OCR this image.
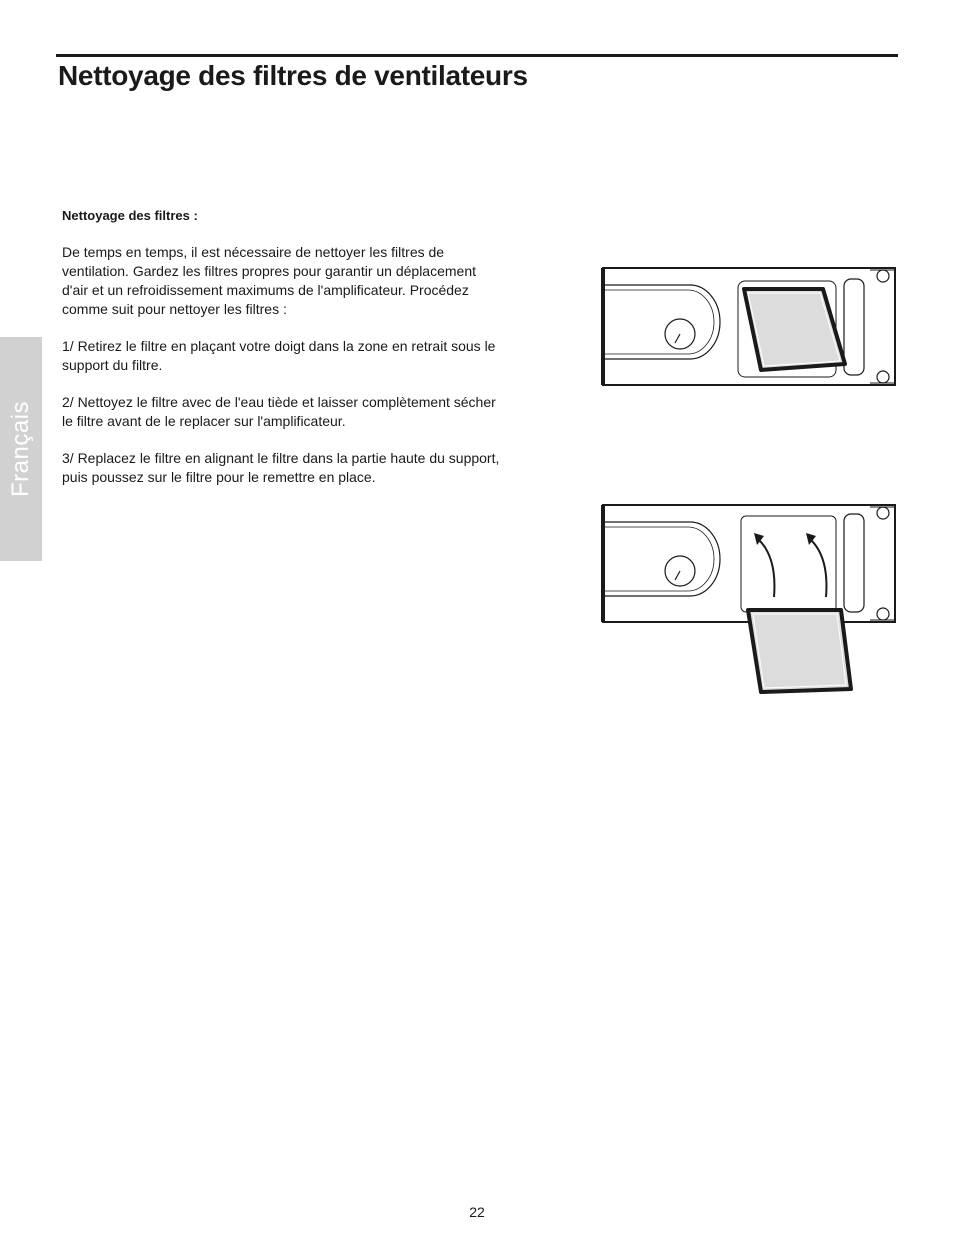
Nettoyage des filtres de ventilateurs
Français

Nettoyage des filtres :

De temps en temps, il est nécessaire de nettoyer les filtres de ventilation. Gardez les filtres propres pour garantir un déplacement d'air et un refroidissement maximums de l'amplificateur. Procédez comme suit pour nettoyer les filtres :

1/ Retirez le filtre en plaçant votre doigt dans la zone en retrait sous le support du filtre.

2/ Nettoyez le filtre avec de l'eau tiède et laisser complètement sécher le filtre avant de le replacer sur l'amplificateur.

3/ Replacez le filtre en alignant le filtre dans la partie haute du support, puis poussez sur le filtre pour le remettre en place.

22
